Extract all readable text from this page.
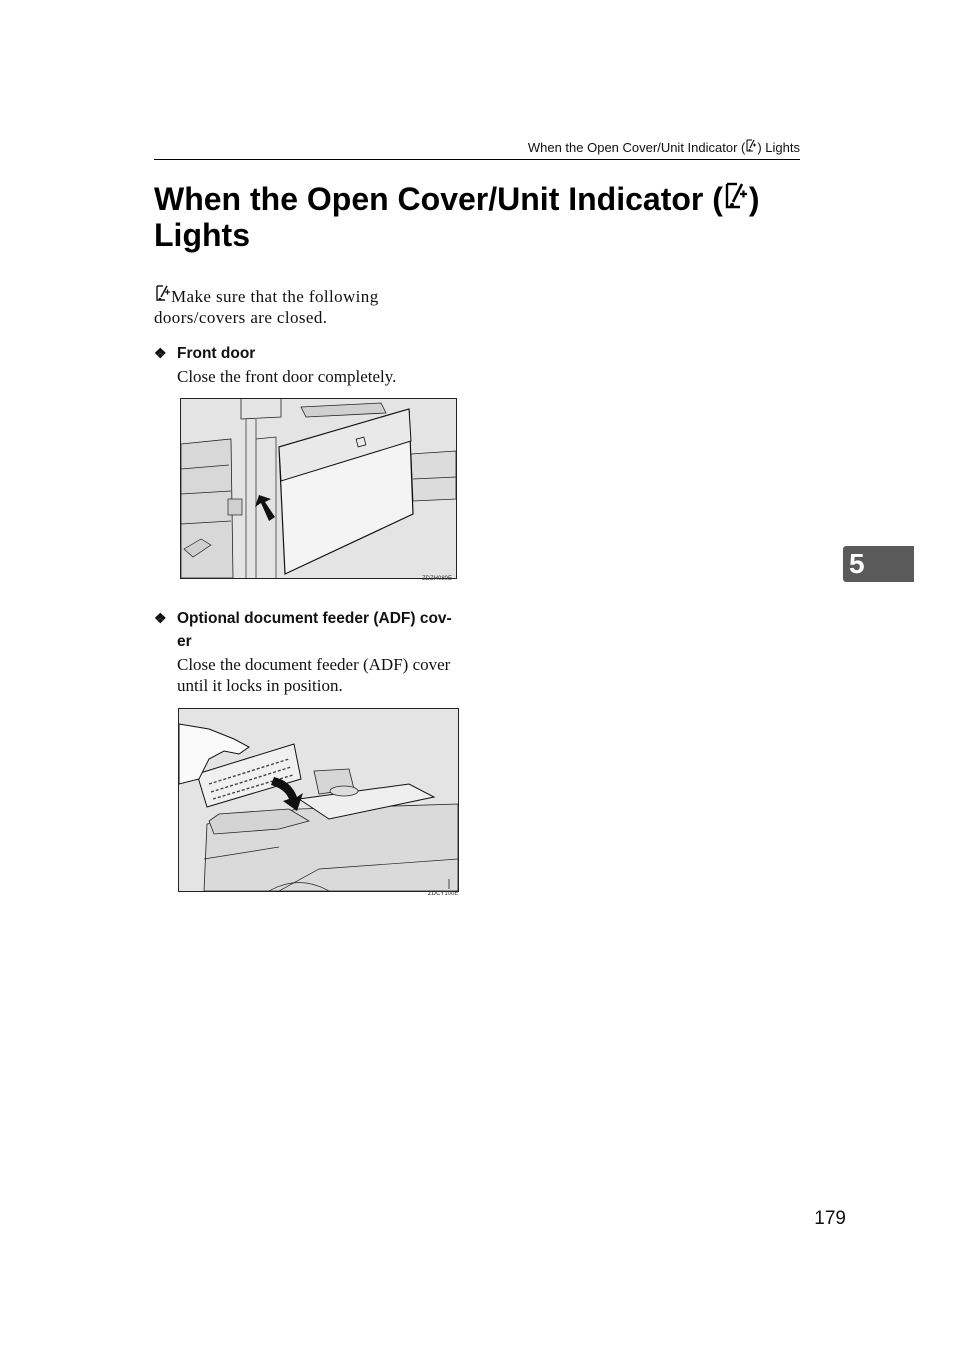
When the Open Cover/Unit Indicator ( ) Lights
When the Open Cover/Unit Indicator ( )
Lights
Make sure that the following doors/covers are closed.
❖ Front door
Close the front door completely.
ZDZH080E
❖ Optional document feeder (ADF) cov-
er
Close the document feeder (ADF) cover until it locks in position.
ZDCY100E
5
179
